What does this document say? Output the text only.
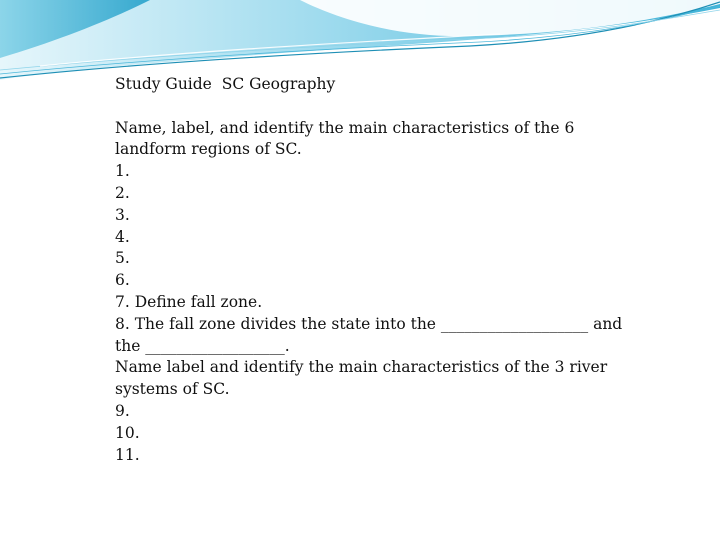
Study Guide  SC Geography

Name, label, and identify the main characteristics of the 6 landform regions of SC.

1.

2.

3.

4.

5.

6.

7. Define fall zone.

8. The fall zone divides the state into the ___________________ and the __________________.

Name label and identify the main characteristics of the 3 river systems of SC.

9.

10.

11.
